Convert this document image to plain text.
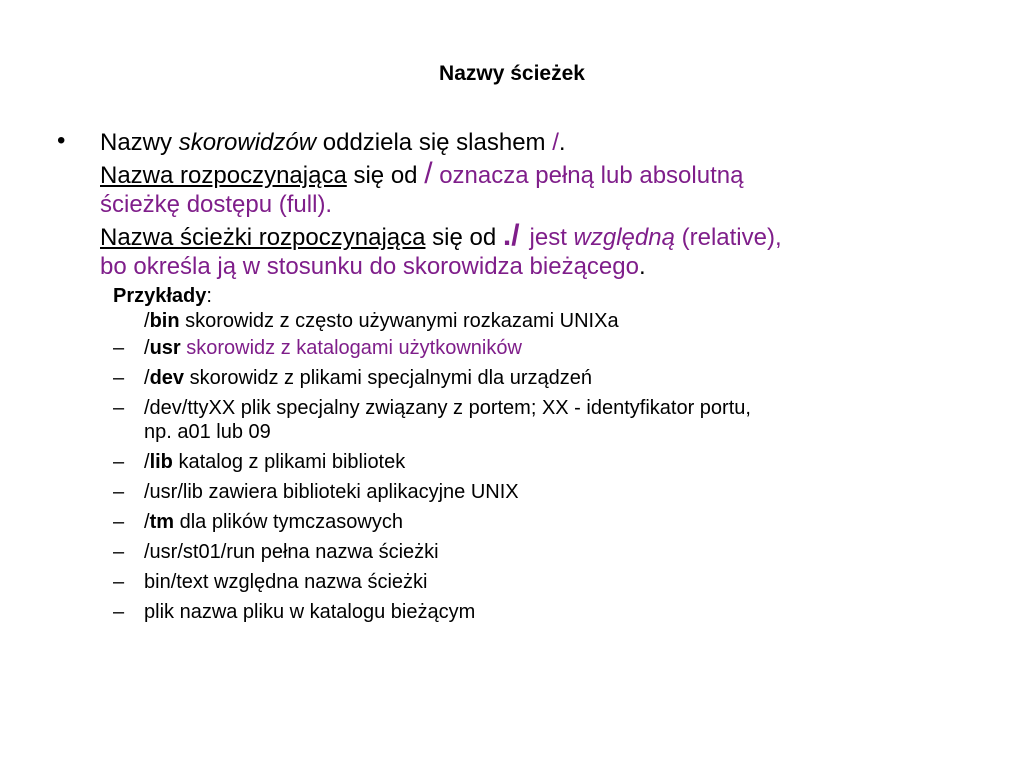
Nazwy ścieżek
• Nazwy skorowidzów oddziela się slashem /.
Nazwa rozpoczynająca się od / oznacza pełną lub absolutną
ścieżkę dostępu (full).
Nazwa ścieżki rozpoczynająca się od ./ jest względną (relative),
bo określa ją w stosunku do skorowidza bieżącego.
Przykłady:
/bin skorowidz z często używanymi rozkazami UNIXa
– /usr skorowidz z katalogami użytkowników
– /dev skorowidz z plikami specjalnymi dla urządzeń
– /dev/ttyXX plik specjalny związany z portem; XX - identyfikator portu,
np. a01 lub 09
– /lib katalog z plikami bibliotek
– /usr/lib zawiera biblioteki aplikacyjne UNIX
– /tm dla plików tymczasowych
– /usr/st01/run pełna nazwa ścieżki
– bin/text względna nazwa ścieżki
– plik nazwa pliku w katalogu bieżącym
